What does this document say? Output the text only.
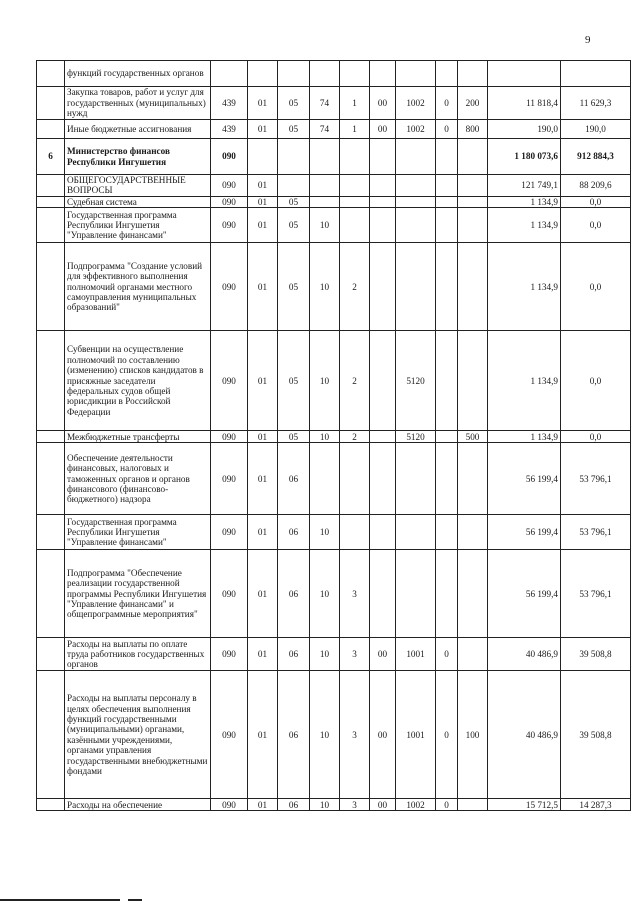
9
	функций государственных органов											
	Закупка товаров, работ и услуг для государственных (муниципальных) нужд	439	01	05	74	1	00	1002	0	200	11 818,4	11 629,3
	Иные бюджетные ассигнования	439	01	05	74	1	00	1002	0	800	190,0	190,0
6	Министерство финансов Республики Ингушетия	090									1 180 073,6	912 884,3
	ОБЩЕГОСУДАРСТВЕННЫЕ ВОПРОСЫ	090	01								121 749,1	88 209,6
	Судебная система	090	01	05							1 134,9	0,0
	Государственная программа Республики Ингушетия "Управление финансами"	090	01	05	10						1 134,9	0,0
	Подпрограмма "Создание условий для эффективного выполнения полномочий органами местного самоуправления муниципальных образований"	090	01	05	10	2					1 134,9	0,0
	Субвенции на осуществление полномочий по составлению (изменению) списков кандидатов в присяжные заседатели федеральных судов общей юрисдикции в Российской Федерации	090	01	05	10	2		5120			1 134,9	0,0
	Межбюджетные трансферты	090	01	05	10	2		5120		500	1 134,9	0,0
	Обеспечение деятельности финансовых, налоговых и таможенных органов и органов финансового (финансово-бюджетного) надзора	090	01	06							56 199,4	53 796,1
	Государственная программа Республики Ингушетия "Управление финансами"	090	01	06	10						56 199,4	53 796,1
	Подпрограмма "Обеспечение реализации государственной программы Республики Ингушетия "Управление финансами" и общепрограммные мероприятия"	090	01	06	10	3					56 199,4	53 796,1
	Расходы на выплаты по оплате труда работников государственных органов	090	01	06	10	3	00	1001	0		40 486,9	39 508,8
	Расходы на выплаты персоналу в целях обеспечения выполнения функций государственными (муниципальными) органами, казёнными учреждениями, органами управления государственными внебюджетными фондами	090	01	06	10	3	00	1001	0	100	40 486,9	39 508,8
	Расходы на обеспечение	090	01	06	10	3	00	1002	0		15 712,5	14 287,3
